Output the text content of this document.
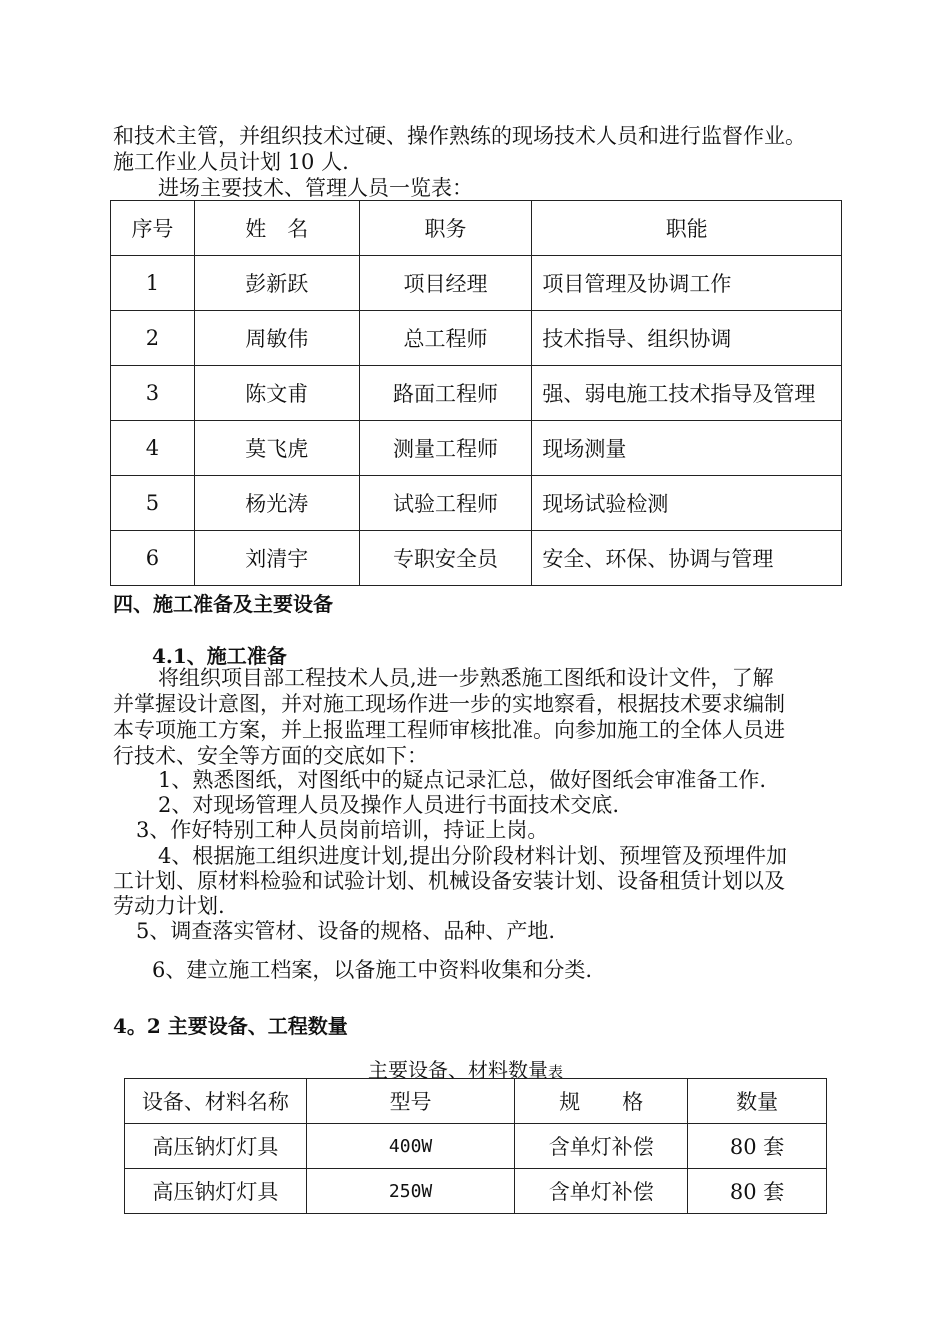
和技术主管，并组织技术过硬、操作熟练的现场技术人员和进行监督作业。
施工作业人员计划 10 人.
进场主要技术、管理人员一览表：
序号	姓　名	职务	职能
1	彭新跃	项目经理	项目管理及协调工作
2	周敏伟	总工程师	技术指导、组织协调
3	陈文甫	路面工程师	强、弱电施工技术指导及管理
4	莫飞虎	测量工程师	现场测量
5	杨光涛	试验工程师	现场试验检测
6	刘清宇	专职安全员	安全、环保、协调与管理
四、施工准备及主要设备
4.1、施工准备
将组织项目部工程技术人员,进一步熟悉施工图纸和设计文件，了解
并掌握设计意图，并对施工现场作进一步的实地察看，根据技术要求编制
本专项施工方案，并上报监理工程师审核批准。向参加施工的全体人员进
行技术、安全等方面的交底如下：
1、熟悉图纸，对图纸中的疑点记录汇总，做好图纸会审准备工作.
2、对现场管理人员及操作人员进行书面技术交底.
3、作好特别工种人员岗前培训，持证上岗。
4、根据施工组织进度计划,提出分阶段材料计划、预埋管及预埋件加
工计划、原材料检验和试验计划、机械设备安装计划、设备租赁计划以及
劳动力计划.
5、调查落实管材、设备的规格、品种、产地.
6、建立施工档案，以备施工中资料收集和分类.
4。2 主要设备、工程数量
主要设备、材料数量表
设备、材料名称	型号	规　　格	数量
高压钠灯灯具	400W	含单灯补偿	80 套
高压钠灯灯具	250W	含单灯补偿	80 套
